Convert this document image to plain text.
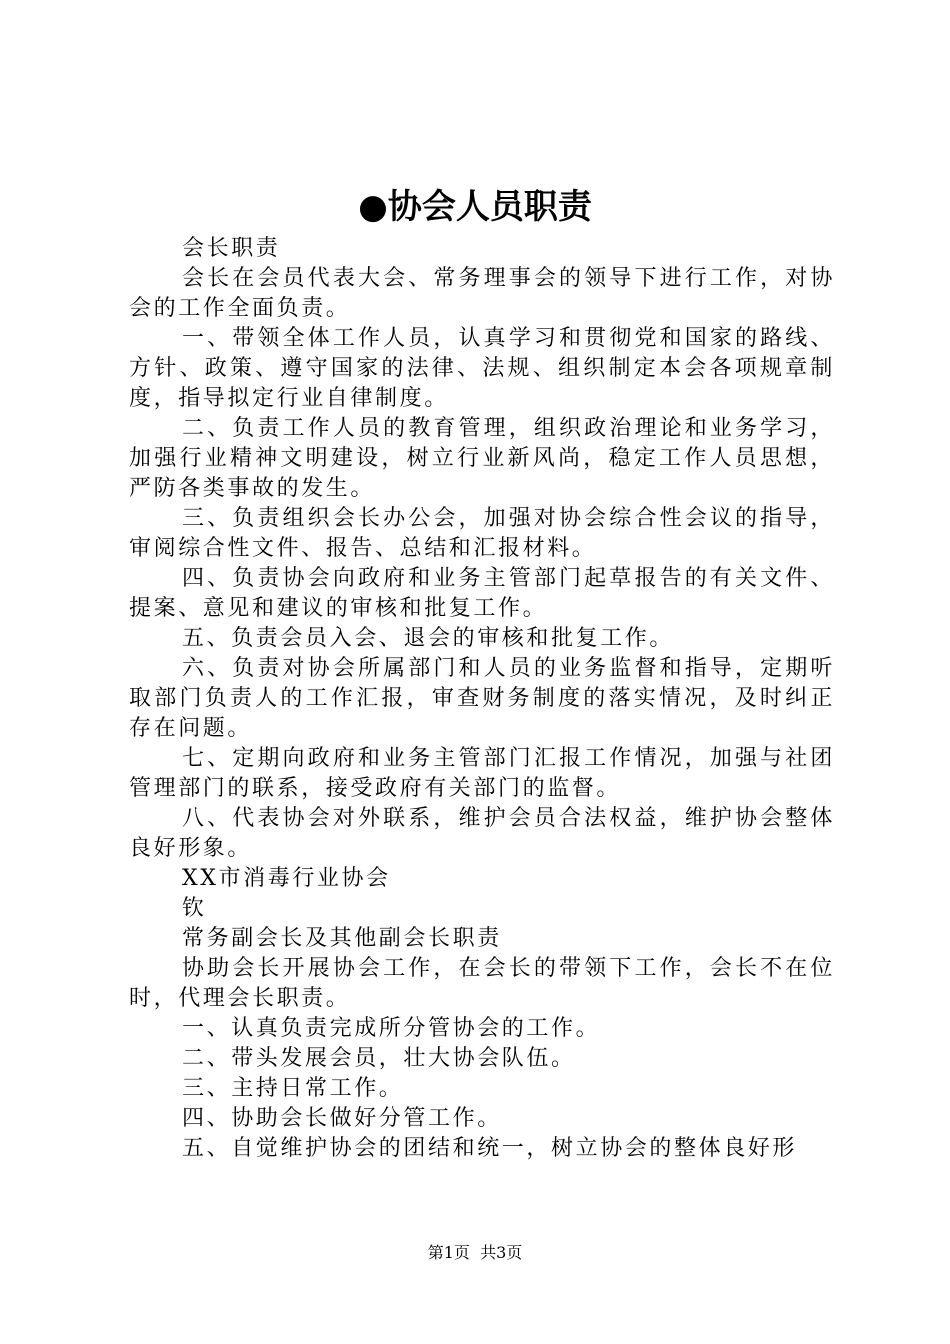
●协会人员职责

会长职责

会长在会员代表大会、常务理事会的领导下进行工作，对协会的工作全面负责。

一、带领全体工作人员，认真学习和贯彻党和国家的路线、方针、政策、遵守国家的法律、法规、组织制定本会各项规章制度，指导拟定行业自律制度。

二、负责工作人员的教育管理，组织政治理论和业务学习，加强行业精神文明建设，树立行业新风尚，稳定工作人员思想，严防各类事故的发生。

三、负责组织会长办公会，加强对协会综合性会议的指导，审阅综合性文件、报告、总结和汇报材料。

四、负责协会向政府和业务主管部门起草报告的有关文件、提案、意见和建议的审核和批复工作。

五、负责会员入会、退会的审核和批复工作。

六、负责对协会所属部门和人员的业务监督和指导，定期听取部门负责人的工作汇报，审查财务制度的落实情况，及时纠正存在问题。

七、定期向政府和业务主管部门汇报工作情况，加强与社团管理部门的联系，接受政府有关部门的监督。

八、代表协会对外联系，维护会员合法权益，维护协会整体良好形象。

XX市消毒行业协会

钦

常务副会长及其他副会长职责

协助会长开展协会工作，在会长的带领下工作，会长不在位时，代理会长职责。

一、认真负责完成所分管协会的工作。

二、带头发展会员，壮大协会队伍。

三、主持日常工作。

四、协助会长做好分管工作。

五、自觉维护协会的团结和统一，树立协会的整体良好形

第1页  共3页
